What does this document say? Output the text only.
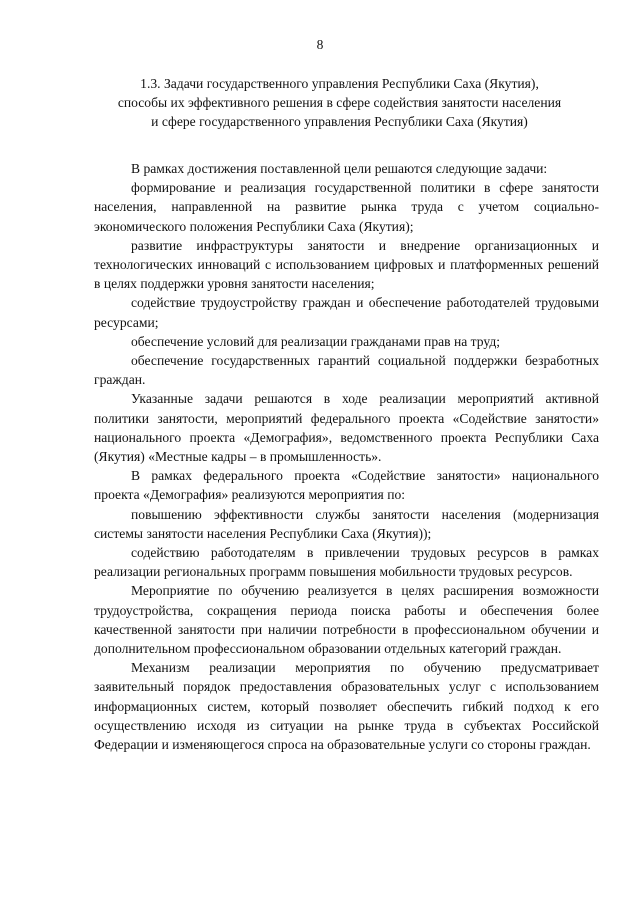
8
1.3. Задачи государственного управления Республики Саха (Якутия),
способы их эффективного решения в сфере содействия занятости населения
и сфере государственного управления Республики Саха (Якутия)

В рамках достижения поставленной цели решаются следующие задачи:

формирование и реализация государственной политики в сфере занятости населения, направленной на развитие рынка труда с учетом социально-экономического положения Республики Саха (Якутия);

развитие инфраструктуры занятости и внедрение организационных и технологических инноваций с использованием цифровых и платформенных решений в целях поддержки уровня занятости населения;

содействие трудоустройству граждан и обеспечение работодателей трудовыми ресурсами;

обеспечение условий для реализации гражданами прав на труд;

обеспечение государственных гарантий социальной поддержки безработных граждан.

Указанные задачи решаются в ходе реализации мероприятий активной политики занятости, мероприятий федерального проекта «Содействие занятости» национального проекта «Демография», ведомственного проекта Республики Саха (Якутия) «Местные кадры – в промышленность».

В рамках федерального проекта «Содействие занятости» национального проекта «Демография» реализуются мероприятия по:

повышению эффективности службы занятости населения (модернизация системы занятости населения Республики Саха (Якутия));

содействию работодателям в привлечении трудовых ресурсов в рамках реализации региональных программ повышения мобильности трудовых ресурсов.

Мероприятие по обучению реализуется в целях расширения возможности трудоустройства, сокращения периода поиска работы и обеспечения более качественной занятости при наличии потребности в профессиональном обучении и дополнительном профессиональном образовании отдельных категорий граждан.

Механизм реализации мероприятия по обучению предусматривает заявительный порядок предоставления образовательных услуг с использованием информационных систем, который позволяет обеспечить гибкий подход к его осуществлению исходя из ситуации на рынке труда в субъектах Российской Федерации и изменяющегося спроса на образовательные услуги со стороны граждан.
